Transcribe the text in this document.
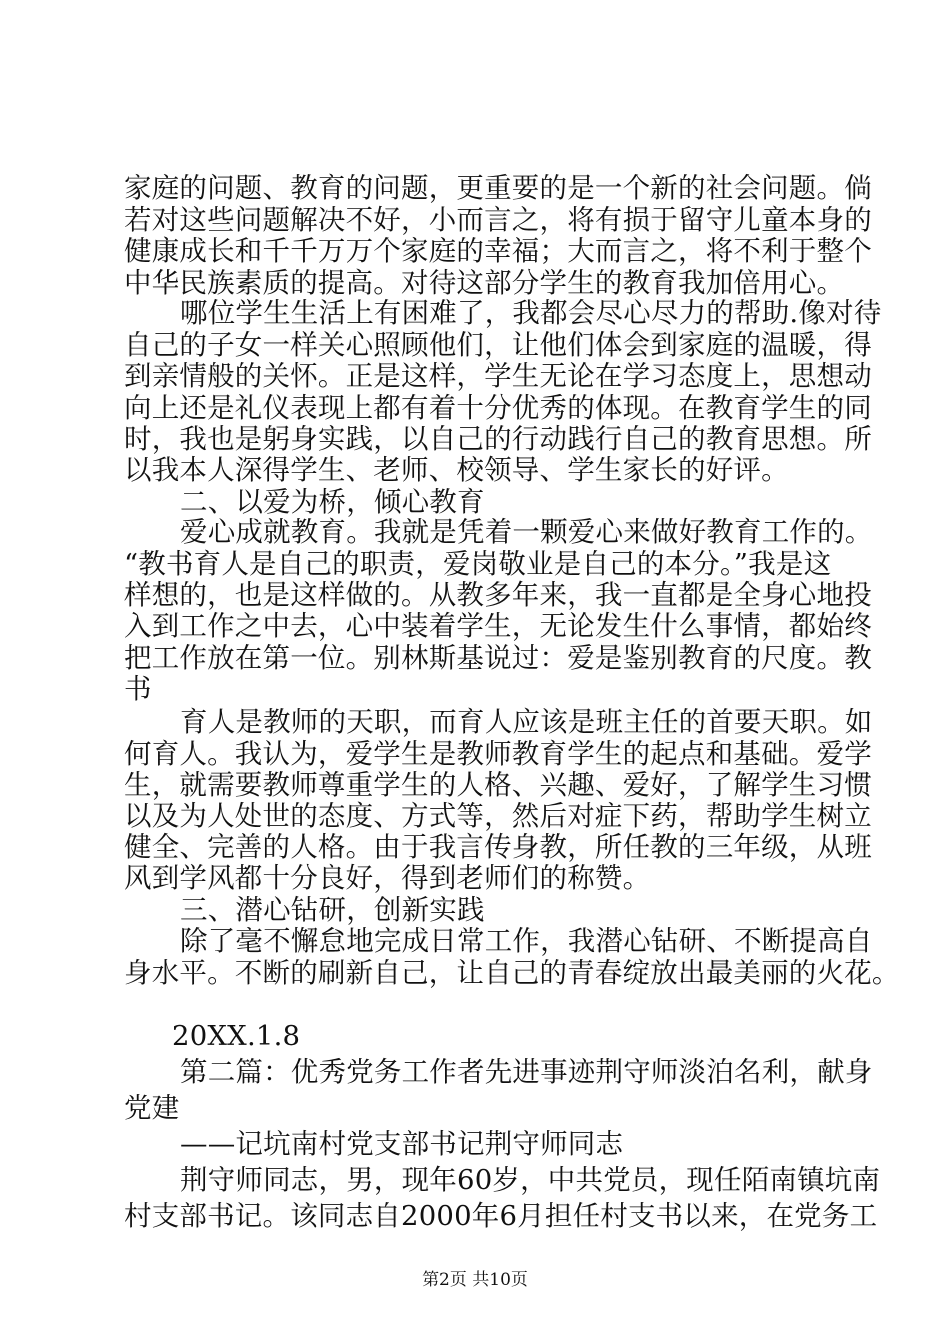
家庭的问题、教育的问题，更重要的是一个新的社会问题。倘
若对这些问题解决不好，小而言之，将有损于留守儿童本身的
健康成长和千千万万个家庭的幸福；大而言之，将不利于整个
中华民族素质的提高。对待这部分学生的教育我加倍用心。
哪位学生生活上有困难了，我都会尽心尽力的帮助.像对待
自己的子女一样关心照顾他们，让他们体会到家庭的温暖，得
到亲情般的关怀。正是这样，学生无论在学习态度上，思想动
向上还是礼仪表现上都有着十分优秀的体现。在教育学生的同
时，我也是躬身实践，以自己的行动践行自己的教育思想。所
以我本人深得学生、老师、校领导、学生家长的好评。
二、以爱为桥，倾心教育
爱心成就教育。我就是凭着一颗爱心来做好教育工作的。
“教书育人是自己的职责，爱岗敬业是自己的本分。”我是这
样想的，也是这样做的。从教多年来，我一直都是全身心地投
入到工作之中去，心中装着学生，无论发生什么事情，都始终
把工作放在第一位。别林斯基说过：爱是鉴别教育的尺度。教
书
育人是教师的天职，而育人应该是班主任的首要天职。如
何育人。我认为，爱学生是教师教育学生的起点和基础。爱学
生，就需要教师尊重学生的人格、兴趣、爱好，了解学生习惯
以及为人处世的态度、方式等，然后对症下药，帮助学生树立
健全、完善的人格。由于我言传身教，所任教的三年级，从班
风到学风都十分良好，得到老师们的称赞。
三、潜心钻研，创新实践
除了毫不懈怠地完成日常工作，我潜心钻研、不断提高自
身水平。不断的刷新自己，让自己的青春绽放出最美丽的火花。
20XX.1.8
第二篇：优秀党务工作者先进事迹荆守师淡泊名利，献身
党建
——记坑南村党支部书记荆守师同志
荆守师同志，男，现年60岁，中共党员，现任陌南镇坑南
村支部书记。该同志自2000年6月担任村支书以来，在党务工
第2页 共10页
